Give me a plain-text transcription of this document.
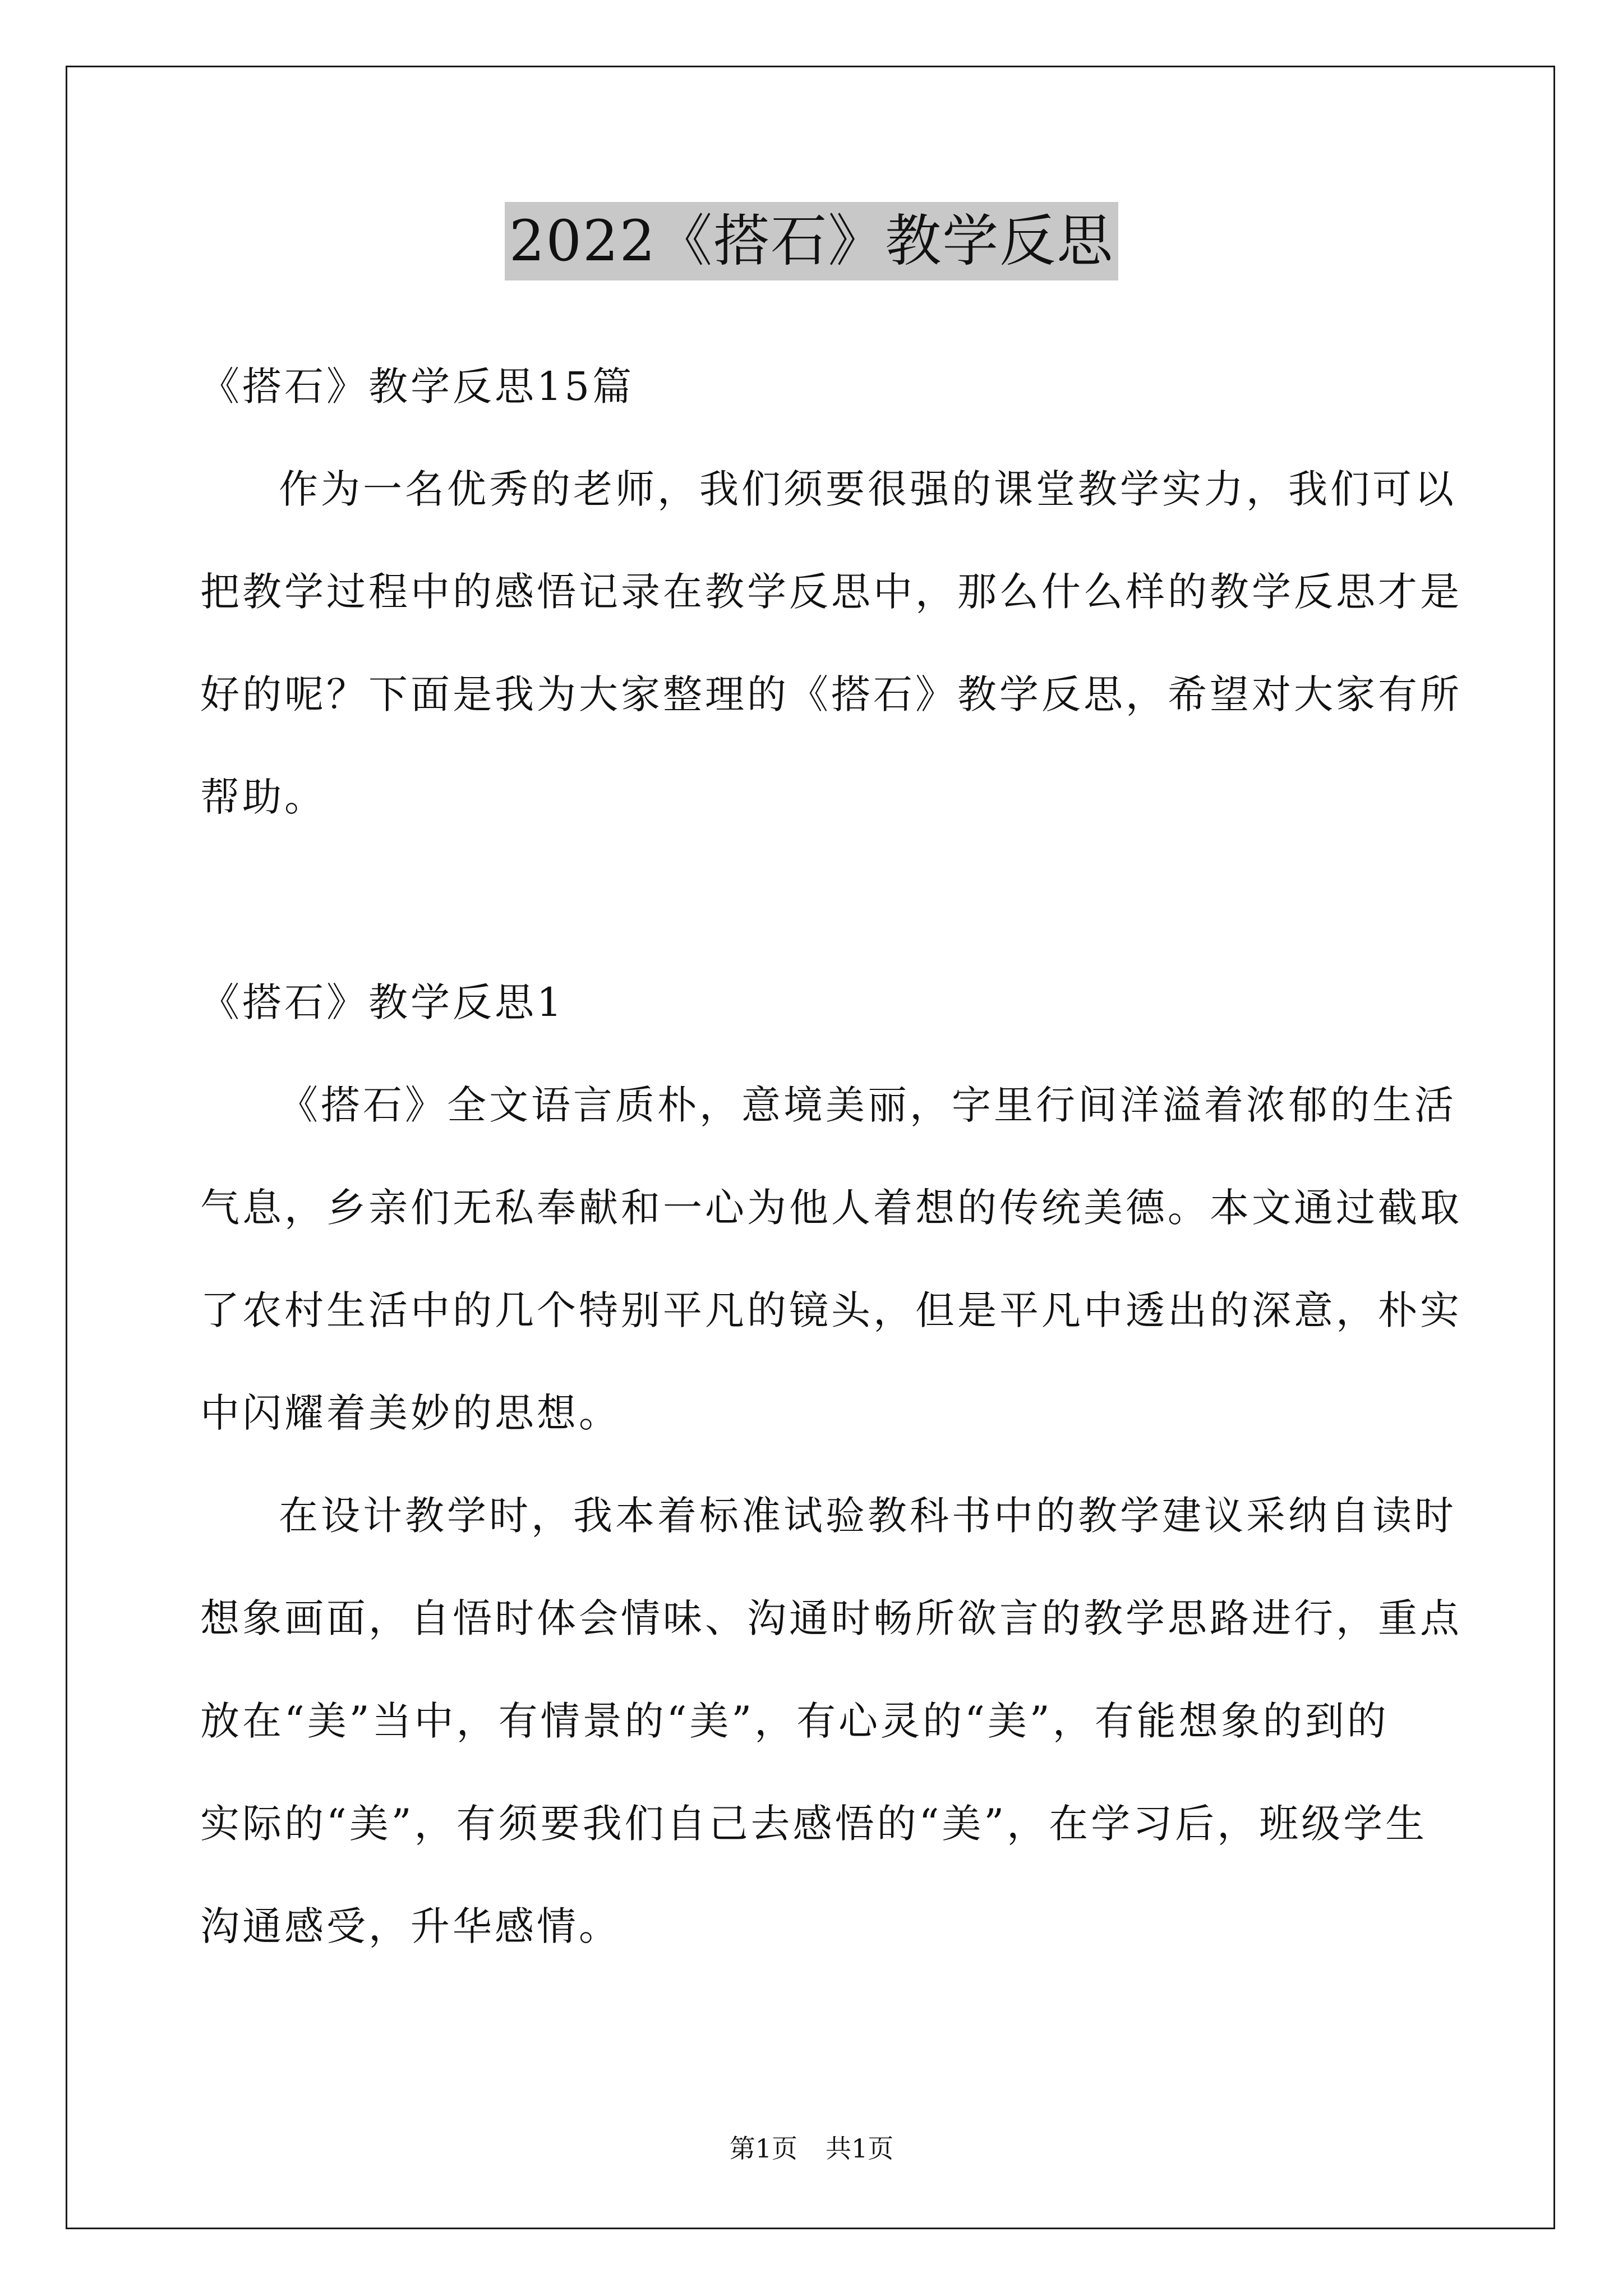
2022《搭石》教学反思
《搭石》教学反思15篇
作为一名优秀的老师，我们须要很强的课堂教学实力，我们可以
把教学过程中的感悟记录在教学反思中，那么什么样的教学反思才是
好的呢？下面是我为大家整理的《搭石》教学反思，希望对大家有所
帮助。
《搭石》教学反思1
《搭石》全文语言质朴，意境美丽，字里行间洋溢着浓郁的生活
气息，乡亲们无私奉献和一心为他人着想的传统美德。本文通过截取
了农村生活中的几个特别平凡的镜头，但是平凡中透出的深意，朴实
中闪耀着美妙的思想。
在设计教学时，我本着标准试验教科书中的教学建议采纳自读时
想象画面，自悟时体会情味、沟通时畅所欲言的教学思路进行，重点
放在“美”当中，有情景的“美”，有心灵的“美”，有能想象的到的
实际的“美”，有须要我们自己去感悟的“美”，在学习后，班级学生
沟通感受，升华感情。
第1页 共1页
